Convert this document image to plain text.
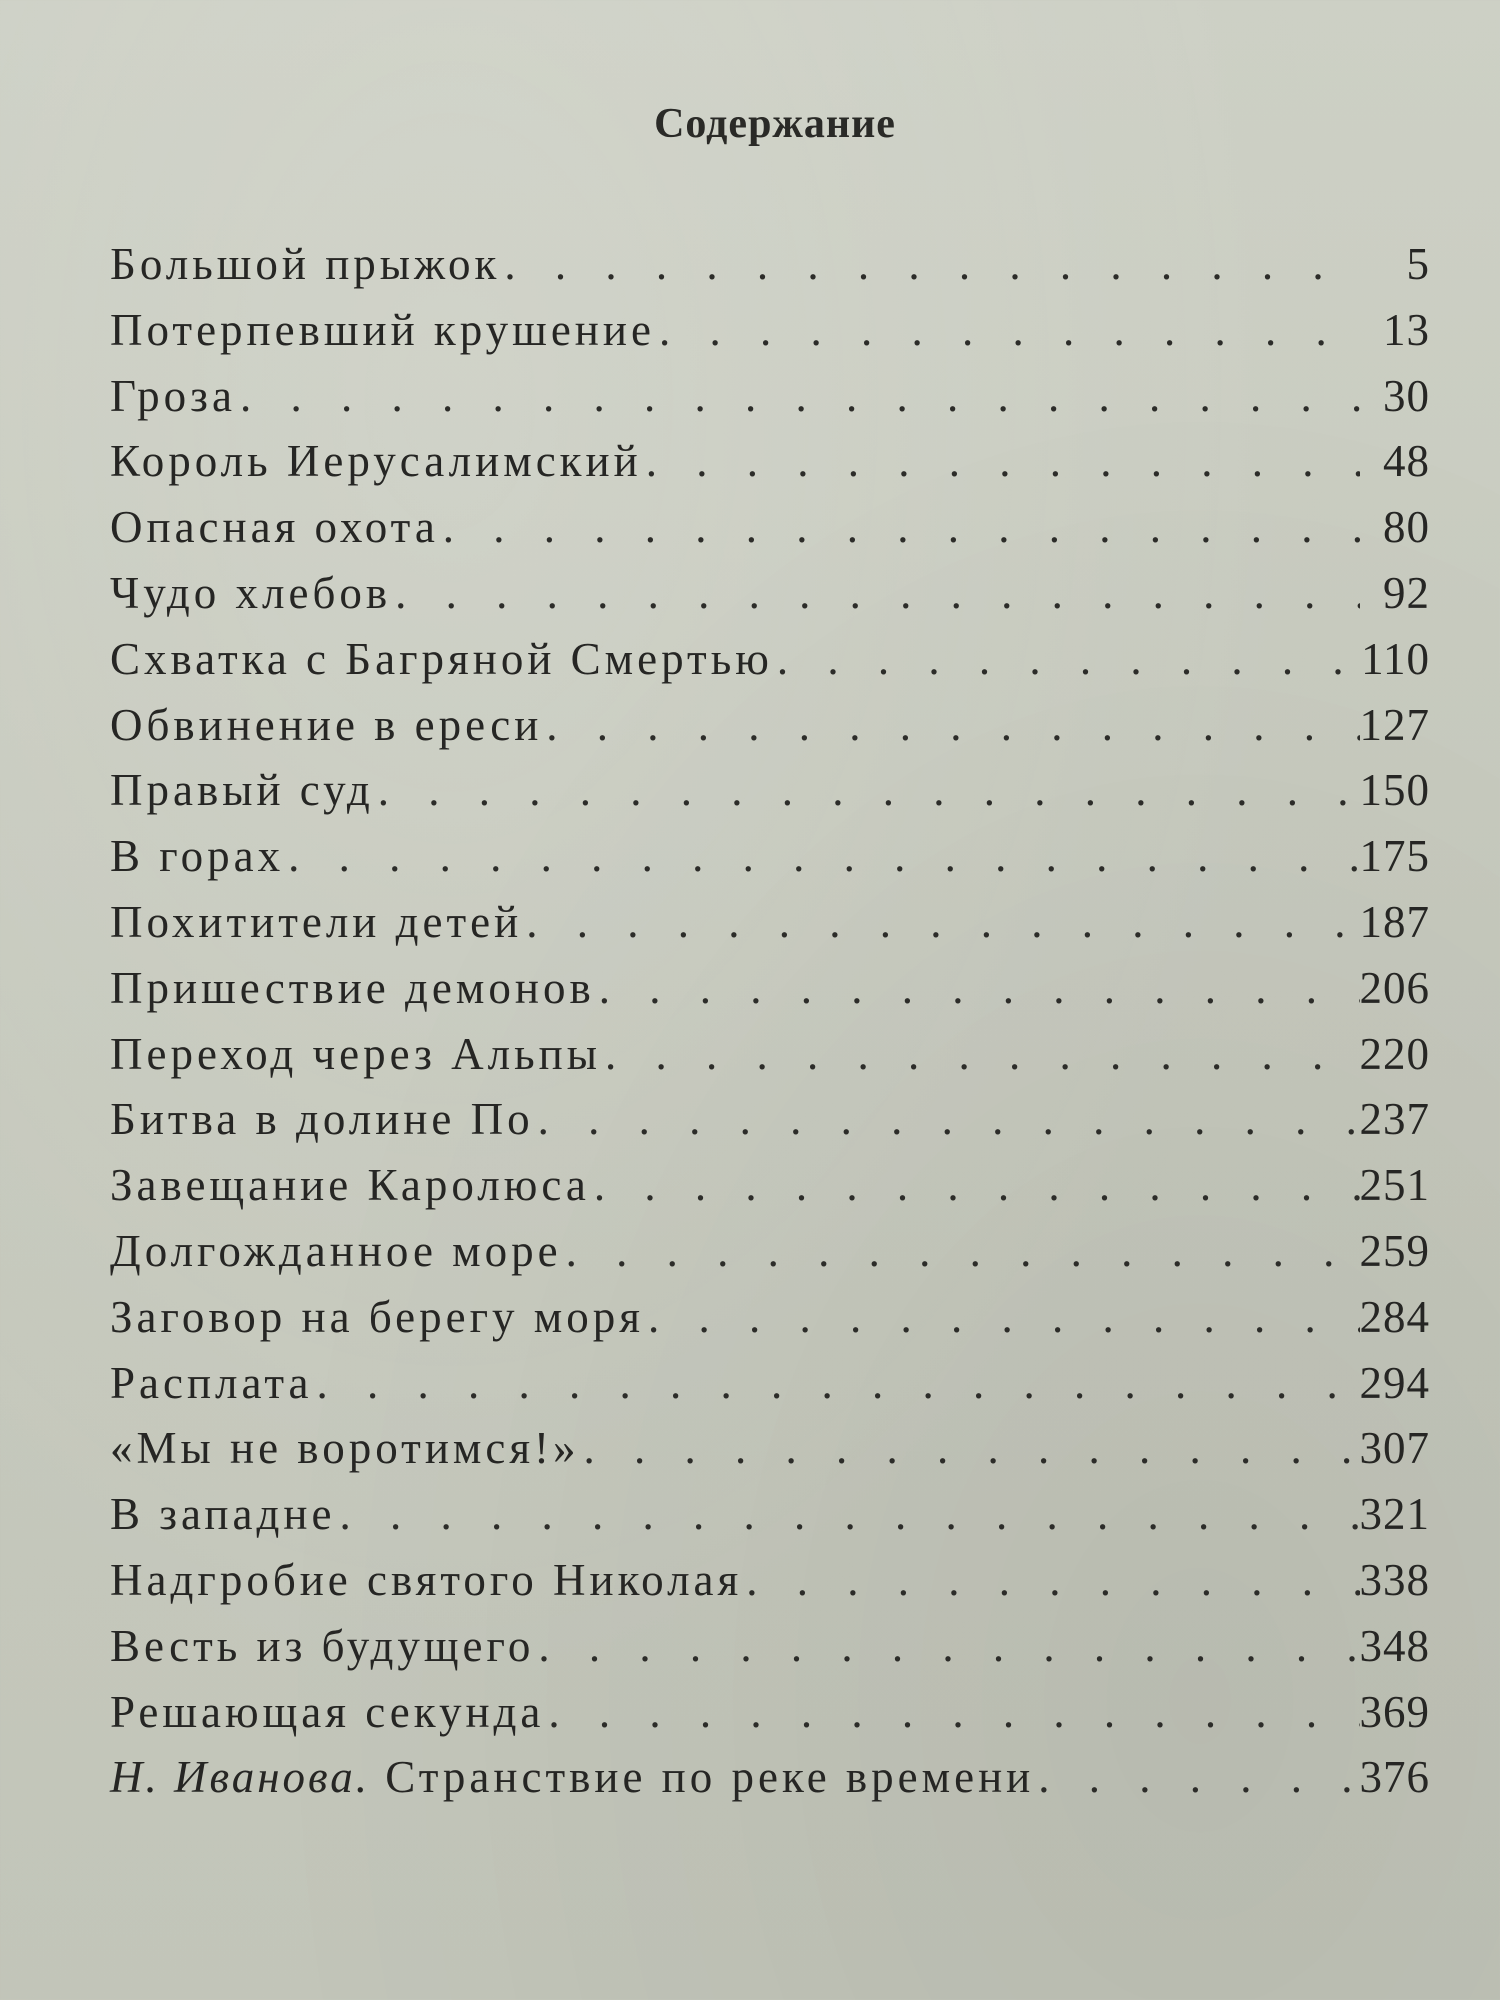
Содержание
Большой прыжок . . .	5
Потерпевший крушение . . .	13
Гроза . . .	30
Король Иерусалимский . . .	48
Опасная охота . . .	80
Чудо хлебов . . .	92
Схватка с Багряной Смертью . . .	110
Обвинение в ереси . . .	127
Правый суд . . .	150
В горах . . .	175
Похитители детей . . .	187
Пришествие демонов . . .	206
Переход через Альпы . . .	220
Битва в долине По . . .	237
Завещание Каролюса . . .	251
Долгожданное море . . .	259
Заговор на берегу моря . . .	284
Расплата . . .	294
«Мы не воротимся!» . . .	307
В западне . . .	321
Надгробие святого Николая . . .	338
Весть из будущего . . .	348
Решающая секунда . . .	369
Н. Иванова. Странствие по реке времени . . .	376
